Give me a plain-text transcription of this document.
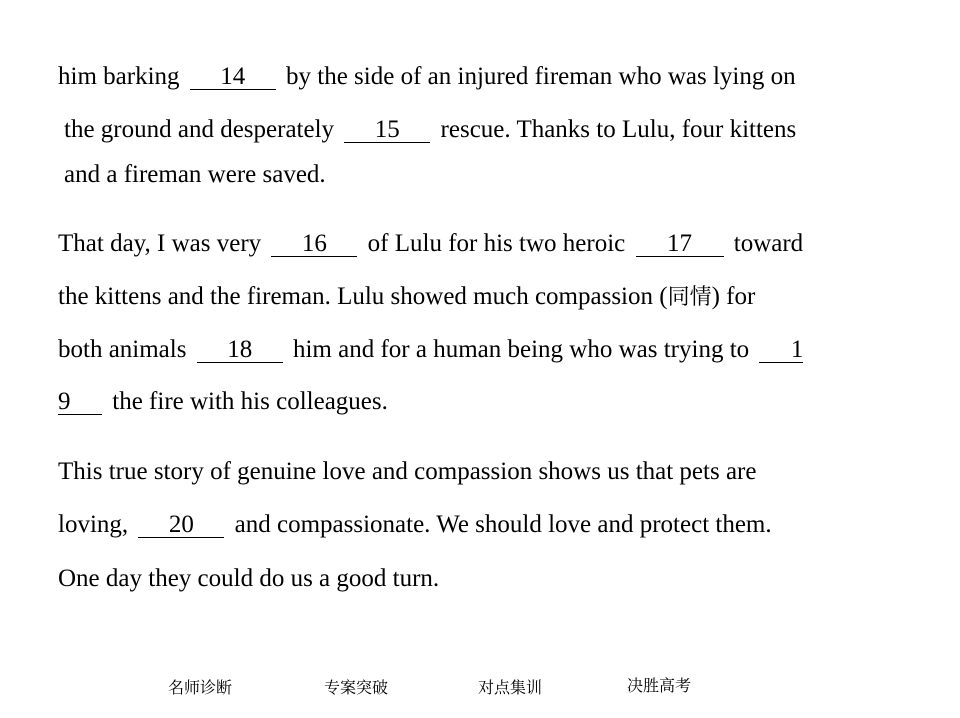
him barking 14 by the side of an injured fireman who was lying on
the ground and desperately 15 rescue. Thanks to Lulu, four kittens
and a fireman were saved.
That day, I was very 16 of Lulu for his two heroic 17 toward
the kittens and the fireman. Lulu showed much compassion (同情) for
both animals 18 him and for a human being who was trying to 1
9 the fire with his colleagues.
This true story of genuine love and compassion shows us that pets are
loving, 20 and compassionate. We should love and protect them.
One day they could do us a good turn.
名师诊断	专案突破	对点集训	决胜高考
